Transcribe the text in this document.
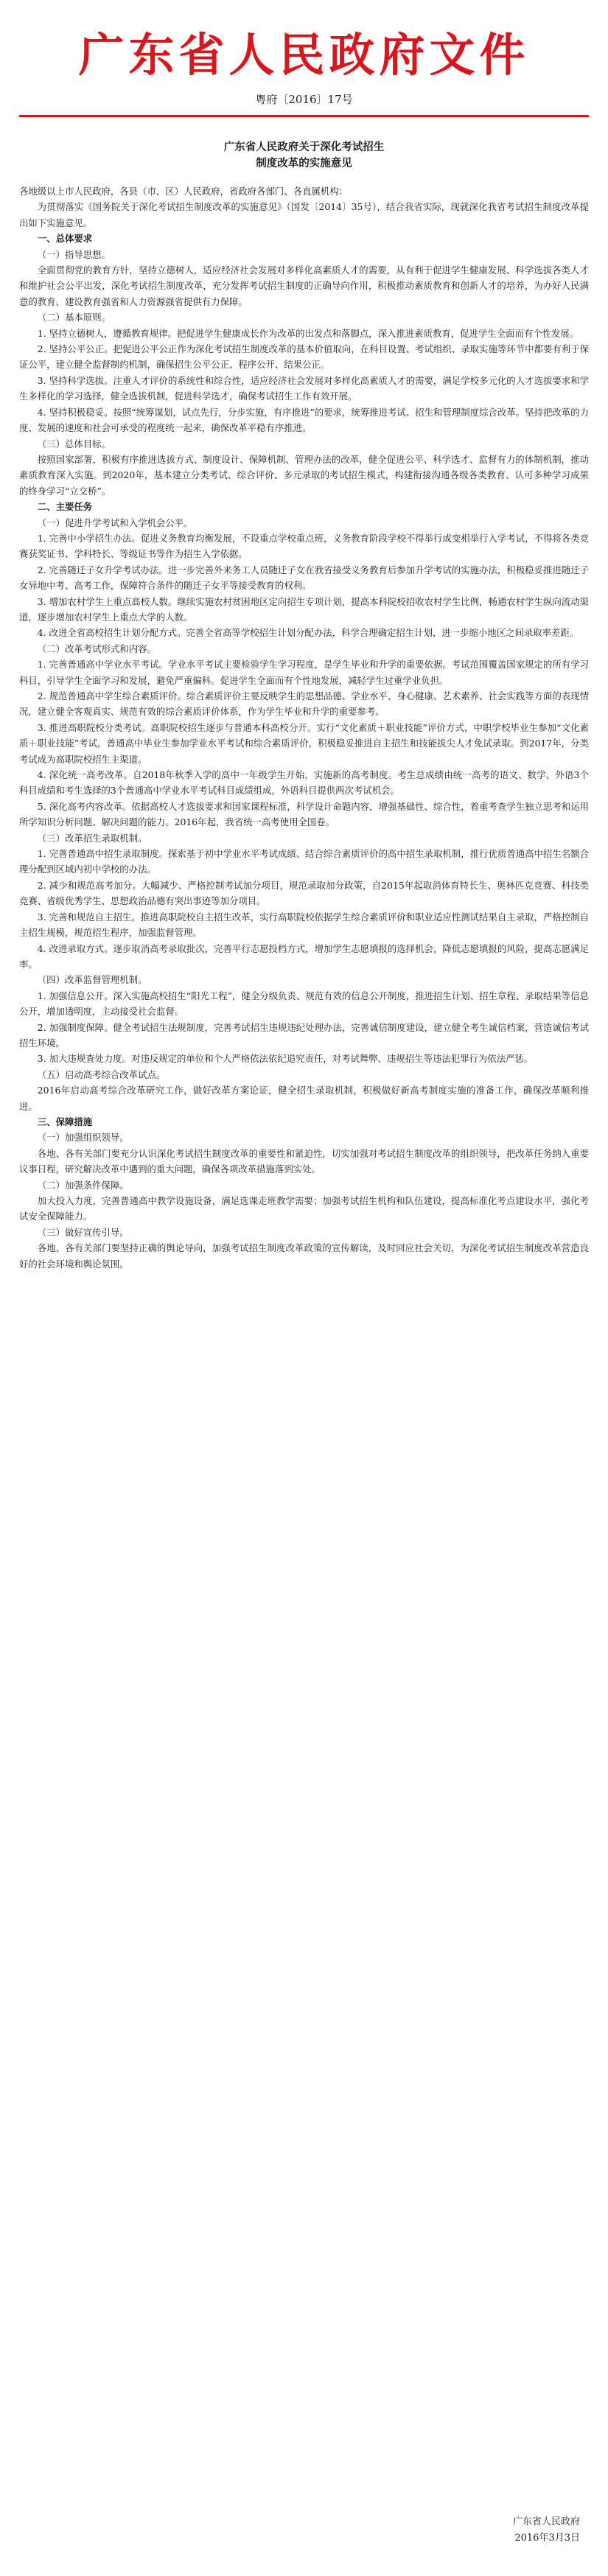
广东省人民政府文件
粤府〔2016〕17号
广东省人民政府关于深化考试招生
制度改革的实施意见

各地级以上市人民政府，各县（市、区）人民政府，省政府各部门、各直属机构：

为贯彻落实《国务院关于深化考试招生制度改革的实施意见》（国发〔2014〕35号），结合我省实际，现就深化我省考试招生制度改革提出如下实施意见。

一、总体要求

（一）指导思想。

全面贯彻党的教育方针，坚持立德树人，适应经济社会发展对多样化高素质人才的需要，从有利于促进学生健康发展、科学选拔各类人才和维护社会公平出发，深化考试招生制度改革，充分发挥考试招生制度的正确导向作用，积极推动素质教育和创新人才的培养，为办好人民满意的教育、建设教育强省和人力资源强省提供有力保障。

（二）基本原则。

1. 坚持立德树人，遵循教育规律。把促进学生健康成长作为改革的出发点和落脚点，深入推进素质教育，促进学生全面而有个性发展。

2. 坚持公平公正。把促进公平公正作为深化考试招生制度改革的基本价值取向，在科目设置、考试组织、录取实施等环节中都要有利于保证公平，建立健全监督制约机制，确保招生公平公正、程序公开、结果公正。

3. 坚持科学选拔。注重人才评价的系统性和综合性，适应经济社会发展对多样化高素质人才的需要，满足学校多元化的人才选拔要求和学生多样化的学习选择，健全选拔机制，促进科学选才，确保考试招生工作有效开展。

4. 坚持积极稳妥。按照“统筹谋划，试点先行，分步实施，有序推进”的要求，统筹推进考试、招生和管理制度综合改革。坚持把改革的力度、发展的速度和社会可承受的程度统一起来，确保改革平稳有序推进。

（三）总体目标。

按照国家部署，积极有序推进选拔方式、制度设计、保障机制、管理办法的改革，健全促进公平、科学选才、监督有力的体制机制，推动素质教育深入实施。到2020年，基本建立分类考试、综合评价、多元录取的考试招生模式，构建衔接沟通各级各类教育、认可多种学习成果的终身学习“立交桥”。

二、主要任务

（一）促进升学考试和入学机会公平。

1. 完善中小学招生办法。促进义务教育均衡发展，不设重点学校重点班，义务教育阶段学校不得举行或变相举行入学考试，不得将各类竞赛获奖证书、学科特长、等级证书等作为招生入学依据。

2. 完善随迁子女升学考试办法。进一步完善外来务工人员随迁子女在我省接受义务教育后参加升学考试的实施办法，积极稳妥推进随迁子女异地中考、高考工作，保障符合条件的随迁子女平等接受教育的权利。

3. 增加农村学生上重点高校人数。继续实施农村贫困地区定向招生专项计划，提高本科院校招收农村学生比例，畅通农村学生纵向流动渠道，逐步增加农村学生上重点大学的人数。

4. 改进全省高校招生计划分配方式。完善全省高等学校招生计划分配办法，科学合理确定招生计划，进一步缩小地区之间录取率差距。

（二）改革考试形式和内容。

1. 完善普通高中学业水平考试。学业水平考试主要检验学生学习程度，是学生毕业和升学的重要依据。考试范围覆盖国家规定的所有学习科目，引导学生全面学习和发展，避免严重偏科。促进学生全面而有个性地发展，减轻学生过重学业负担。

2. 规范普通高中学生综合素质评价。综合素质评价主要反映学生的思想品德、学业水平、身心健康、艺术素养、社会实践等方面的表现情况，建立健全客观真实、规范有效的综合素质评价体系，作为学生毕业和升学的重要参考。

3. 推进高职院校分类考试。高职院校招生逐步与普通本科高校分开。实行“文化素质＋职业技能”评价方式，中职学校毕业生参加“文化素质＋职业技能”考试，普通高中毕业生参加学业水平考试和综合素质评价，积极稳妥推进自主招生和技能拔尖人才免试录取。到2017年，分类考试成为高职院校招生主渠道。

4. 深化统一高考改革。自2018年秋季入学的高中一年级学生开始，实施新的高考制度。考生总成绩由统一高考的语文、数学、外语3个科目成绩和考生选择的3个普通高中学业水平考试科目成绩组成，外语科目提供两次考试机会。

5. 深化高考内容改革。依据高校人才选拔要求和国家课程标准，科学设计命题内容，增强基础性、综合性，着重考查学生独立思考和运用所学知识分析问题、解决问题的能力。2016年起，我省统一高考使用全国卷。

（三）改革招生录取机制。

1. 完善普通高中招生录取制度。探索基于初中学业水平考试成绩、结合综合素质评价的高中招生录取机制，推行优质普通高中招生名额合理分配到区域内初中学校的办法。

2. 减少和规范高考加分。大幅减少、严格控制考试加分项目，规范录取加分政策，自2015年起取消体育特长生、奥林匹克竞赛、科技类竞赛、省级优秀学生、思想政治品德有突出事迹等加分项目。

3. 完善和规范自主招生。推进高职院校自主招生改革，实行高职院校依据学生综合素质评价和职业适应性测试结果自主录取，严格控制自主招生规模，规范招生程序，加强监督管理。

4. 改进录取方式。逐步取消高考录取批次，完善平行志愿投档方式，增加学生志愿填报的选择机会，降低志愿填报的风险，提高志愿满足率。

（四）改革监督管理机制。

1. 加强信息公开。深入实施高校招生“阳光工程”，健全分级负责、规范有效的信息公开制度，推进招生计划、招生章程、录取结果等信息公开，增加透明度，主动接受社会监督。

2. 加强制度保障。健全考试招生法规制度，完善考试招生违规违纪处理办法，完善诚信制度建设，建立健全考生诚信档案，营造诚信考试招生环境。

3. 加大违规查处力度。对违反规定的单位和个人严格依法依纪追究责任，对考试舞弊、违规招生等违法犯罪行为依法严惩。

（五）启动高考综合改革试点。

2016年启动高考综合改革研究工作，做好改革方案论证，健全招生录取机制，积极做好新高考制度实施的准备工作，确保改革顺利推进。

三、保障措施

（一）加强组织领导。

各地、各有关部门要充分认识深化考试招生制度改革的重要性和紧迫性，切实加强对考试招生制度改革的组织领导，把改革任务纳入重要议事日程，研究解决改革中遇到的重大问题，确保各项改革措施落到实处。

（二）加强条件保障。

加大投入力度，完善普通高中教学设施设备，满足选课走班教学需要；加强考试招生机构和队伍建设，提高标准化考点建设水平，强化考试安全保障能力。

（三）做好宣传引导。

各地、各有关部门要坚持正确的舆论导向，加强考试招生制度改革政策的宣传解读，及时回应社会关切，为深化考试招生制度改革营造良好的社会环境和舆论氛围。

广东省人民政府
2016年3月3日
